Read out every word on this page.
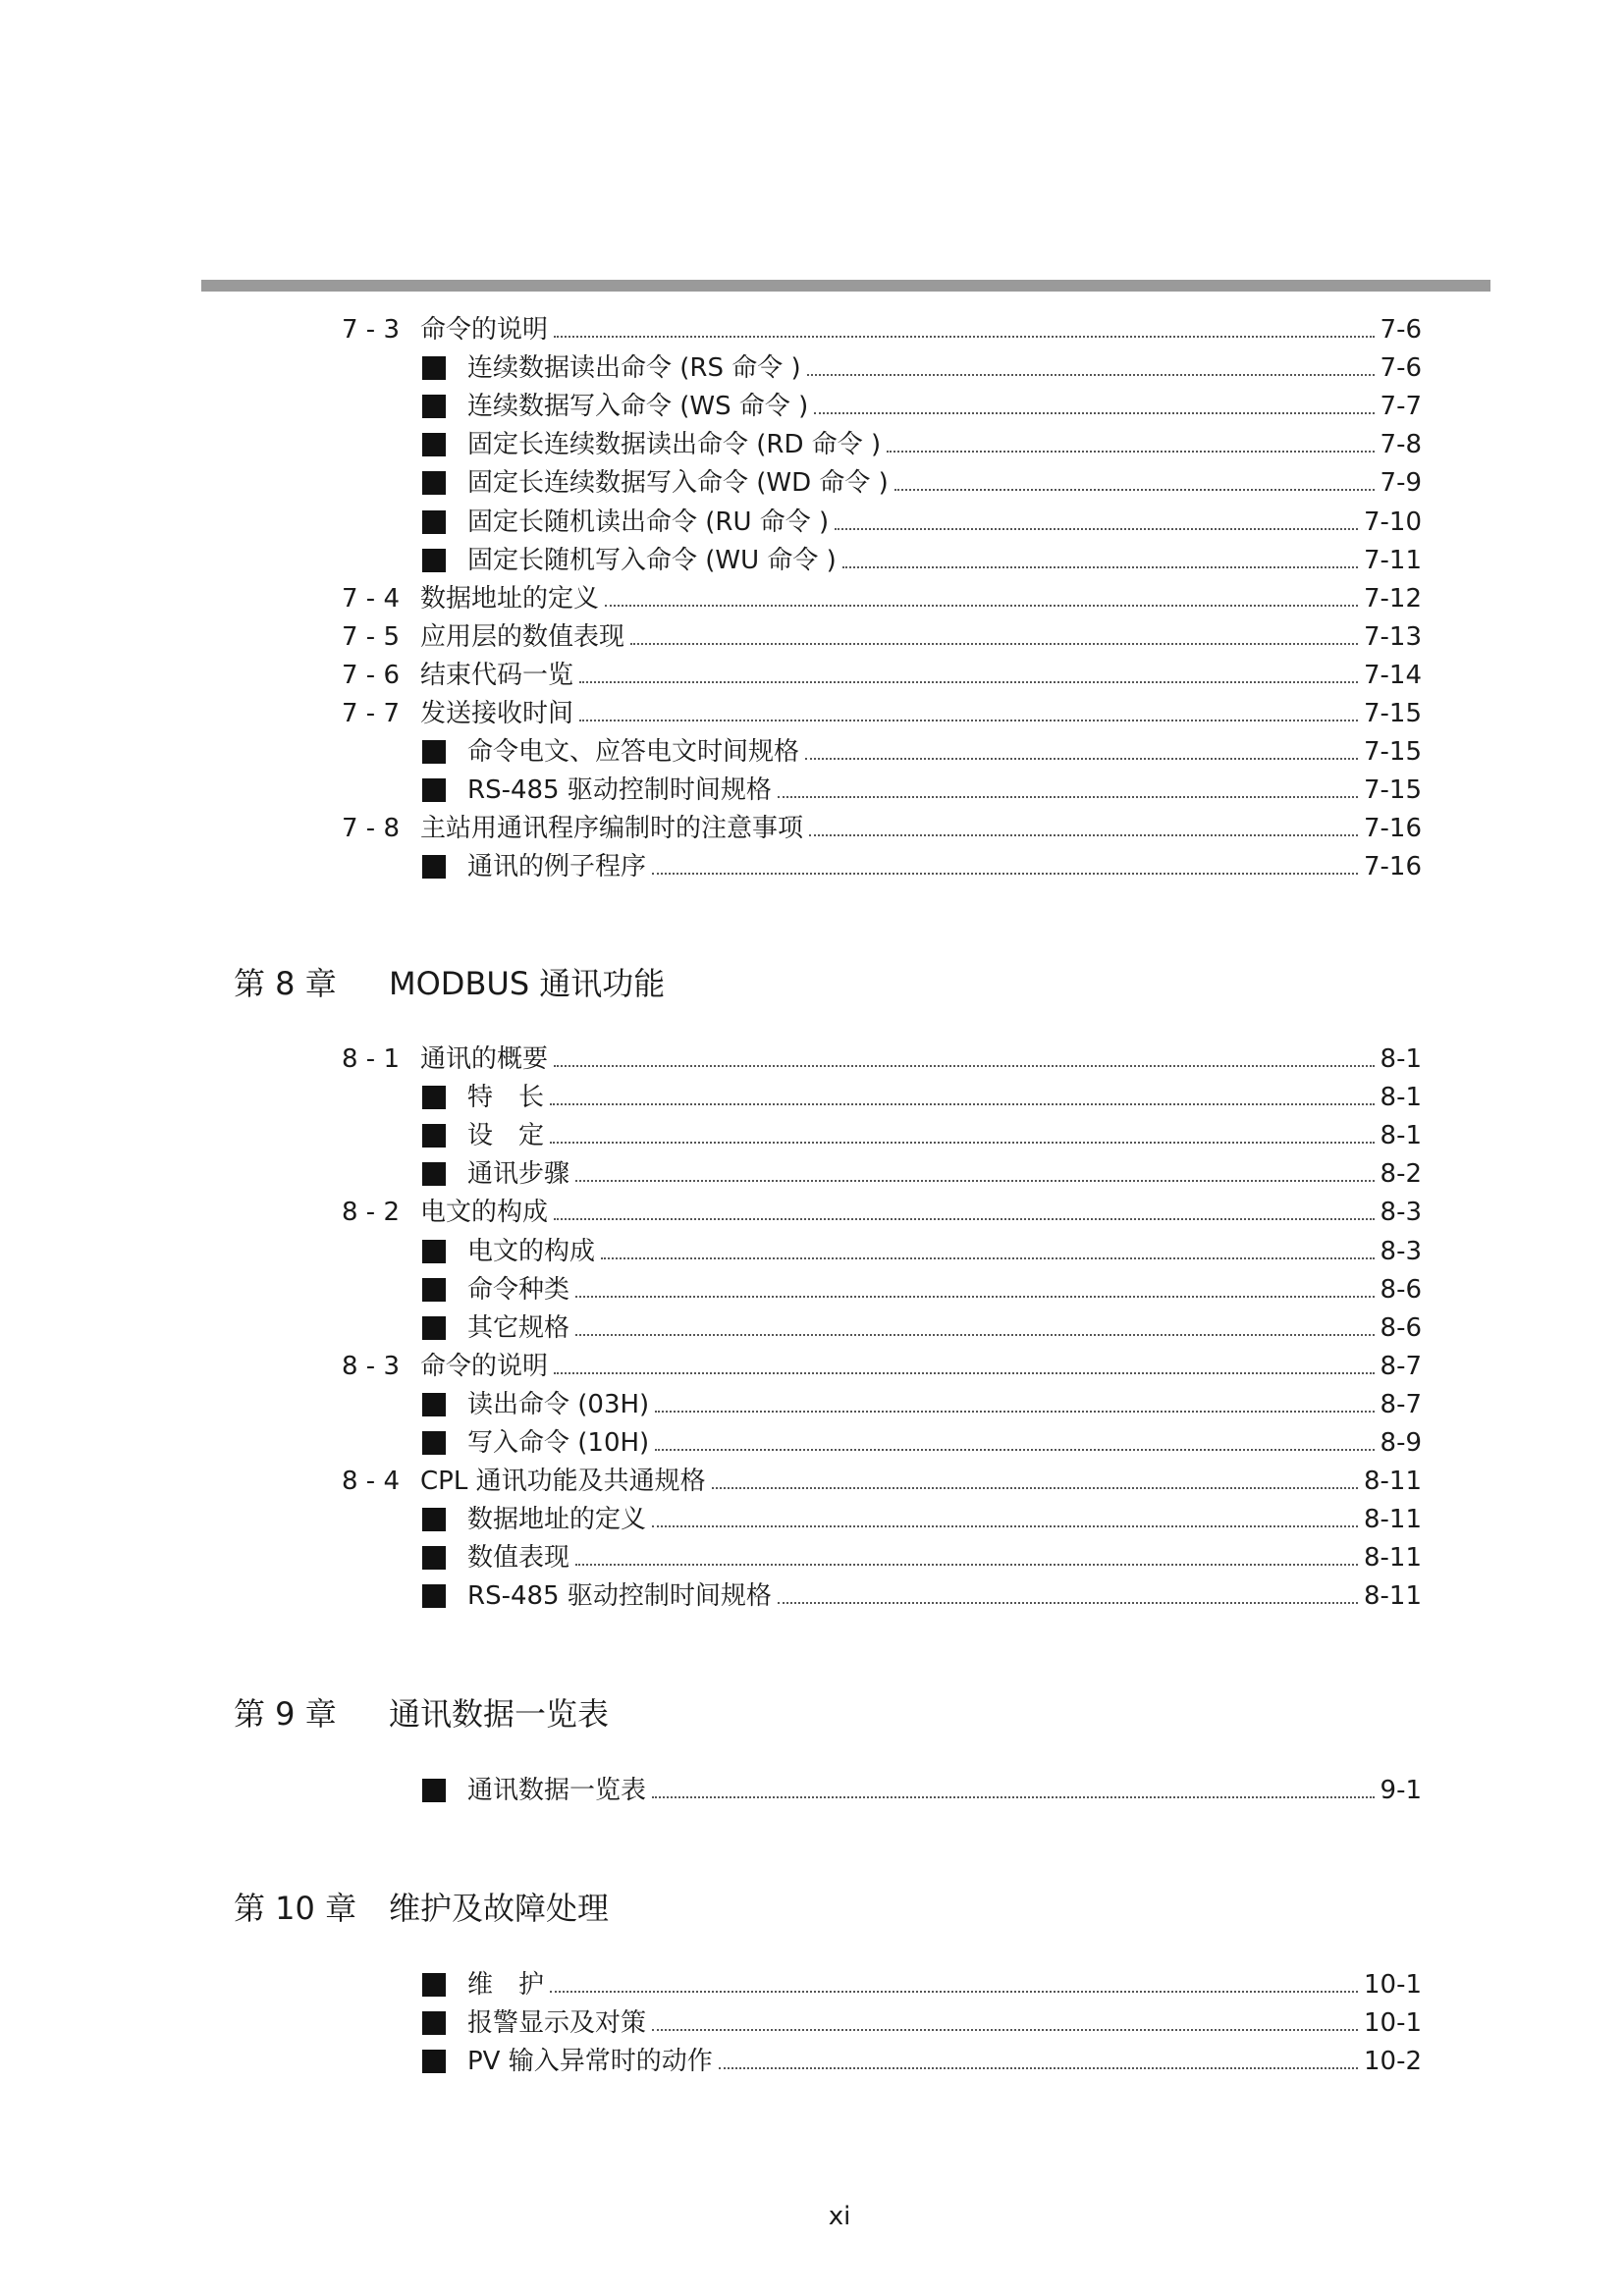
7 - 3 命令的说明	7-6
连续数据读出命令 (RS 命令 )	7-6
连续数据写入命令 (WS 命令 )	7-7
固定长连续数据读出命令 (RD 命令 )	7-8
固定长连续数据写入命令 (WD 命令 )	7-9
固定长随机读出命令 (RU 命令 )	7-10
固定长随机写入命令 (WU 命令 )	7-11
7 - 4 数据地址的定义	7-12
7 - 5 应用层的数值表现	7-13
7 - 6 结束代码一览	7-14
7 - 7 发送接收时间	7-15
命令电文、应答电文时间规格	7-15
RS-485 驱动控制时间规格	7-15
7 - 8 主站用通讯程序编制时的注意事项	7-16
通讯的例子程序	7-16
第 8 章	MODBUS 通讯功能
8 - 1 通讯的概要	8-1
特　长	8-1
设　定	8-1
通讯步骤	8-2
8 - 2 电文的构成	8-3
电文的构成	8-3
命令种类	8-6
其它规格	8-6
8 - 3 命令的说明	8-7
读出命令 (03H)	8-7
写入命令 (10H)	8-9
8 - 4 CPL 通讯功能及共通规格	8-11
数据地址的定义	8-11
数值表现	8-11
RS-485 驱动控制时间规格	8-11
第 9 章	通讯数据一览表
通讯数据一览表	9-1
第 10 章	维护及故障处理
维　护	10-1
报警显示及对策	10-1
PV 输入异常时的动作	10-2
xi
